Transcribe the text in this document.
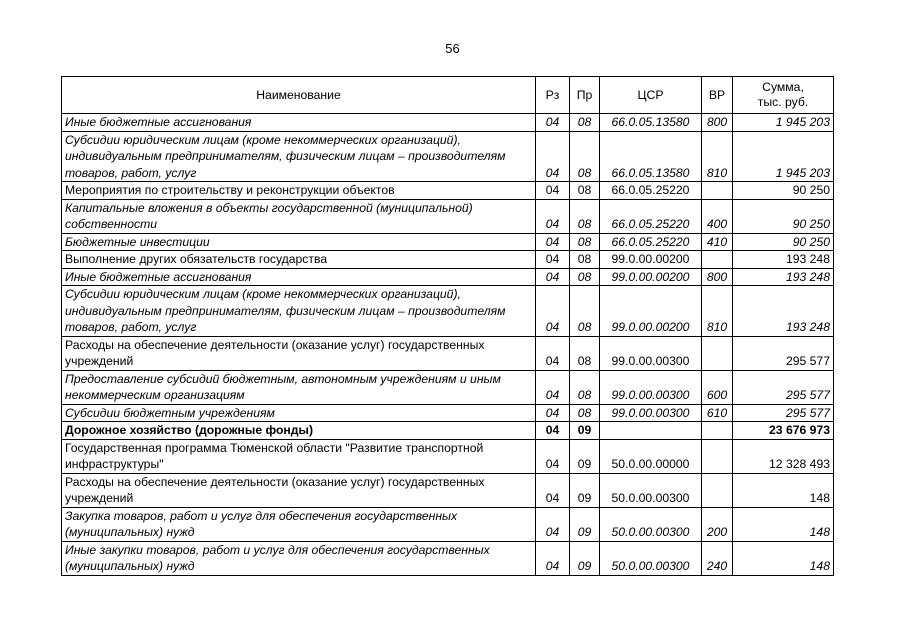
56
Наименование	Рз	Пр	ЦСР	ВР	Сумма,
тыс. руб.

Иные бюджетные ассигнования	04	08	66.0.05.13580	800	1 945 203
Субсидии юридическим лицам (кроме некоммерческих организаций), индивидуальным предпринимателям, физическим лицам – производителям товаров, работ, услуг	04	08	66.0.05.13580	810	1 945 203
Мероприятия по строительству и реконструкции объектов	04	08	66.0.05.25220		90 250
Капитальные вложения в объекты государственной (муниципальной) собственности	04	08	66.0.05.25220	400	90 250
Бюджетные инвестиции	04	08	66.0.05.25220	410	90 250
Выполнение других обязательств государства	04	08	99.0.00.00200		193 248
Иные бюджетные ассигнования	04	08	99.0.00.00200	800	193 248
Субсидии юридическим лицам (кроме некоммерческих организаций), индивидуальным предпринимателям, физическим лицам – производителям товаров, работ, услуг	04	08	99.0.00.00200	810	193 248
Расходы на обеспечение деятельности (оказание услуг) государственных учреждений	04	08	99.0.00.00300		295 577
Предоставление субсидий бюджетным, автономным учреждениям и иным некоммерческим организациям	04	08	99.0.00.00300	600	295 577
Субсидии бюджетным учреждениям	04	08	99.0.00.00300	610	295 577
Дорожное хозяйство (дорожные фонды)	04	09			23 676 973
Государственная программа Тюменской области "Развитие транспортной инфраструктуры"	04	09	50.0.00.00000		12 328 493
Расходы на обеспечение деятельности (оказание услуг) государственных учреждений	04	09	50.0.00.00300		148
Закупка товаров, работ и услуг для обеспечения государственных (муниципальных) нужд	04	09	50.0.00.00300	200	148
Иные закупки товаров, работ и услуг для обеспечения государственных (муниципальных) нужд	04	09	50.0.00.00300	240	148
